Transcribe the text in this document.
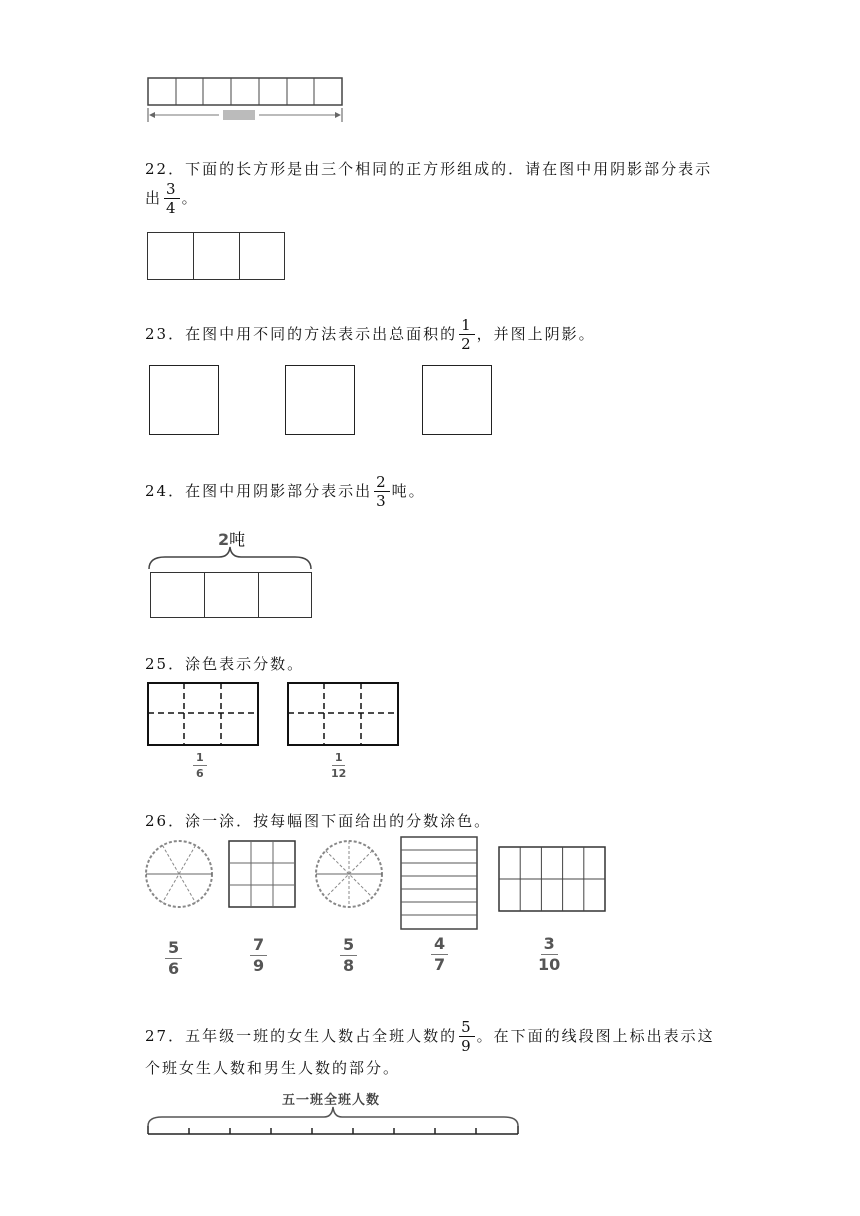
22．下面的长方形是由三个相同的正方形组成的．请在图中用阴影部分表示
出 $\frac{3}{4}$ 。
23．在图中用不同的方法表示出总面积的 $\frac{1}{2}$ ，并图上阴影。
24．在图中用阴影部分表示出 $\frac{2}{3}$ 吨。
2吨
25．涂色表示分数。
$\frac{1}{6}$	$\frac{1}{12}$
26．涂一涂．按每幅图下面给出的分数涂色。
$\frac{5}{6}$	$\frac{7}{9}$	$\frac{5}{8}$	$\frac{4}{7}$	$\frac{3}{10}$
27．五年级一班的女生人数占全班人数的 $\frac{5}{9}$ 。在下面的线段图上标出表示这
个班女生人数和男生人数的部分。
五一班全班人数
